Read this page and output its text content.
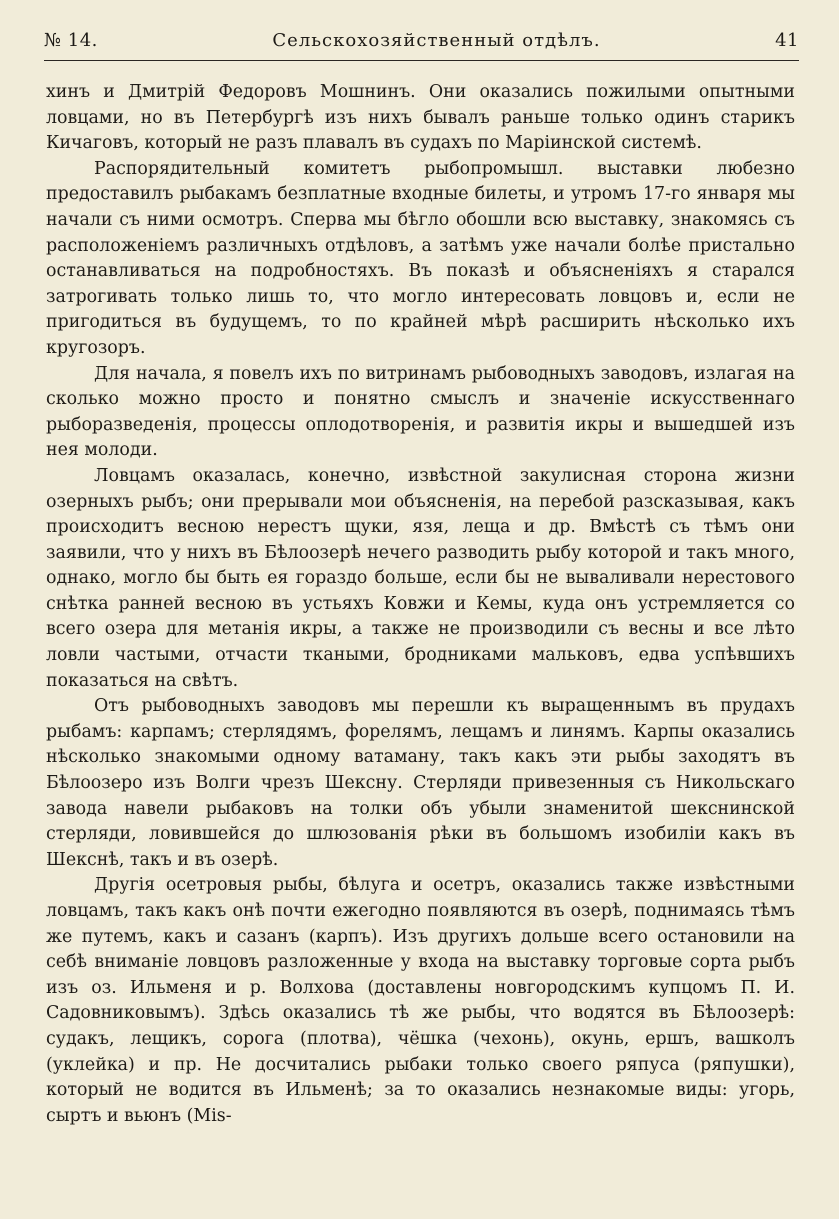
№ 14.	Сельскохозяйственный отдѣлъ.	41

хинъ и Дмитрій Федоровъ Мошнинъ. Они оказались пожилыми опытными ловцами, но въ Петербургѣ изъ нихъ бывалъ раньше только одинъ старикъ Кичаговъ, который не разъ плавалъ въ судахъ по Маріинской системѣ.

Распорядительный комитетъ рыбопромышл. выставки любезно предоставилъ рыбакамъ безплатные входные билеты, и утромъ 17-го января мы начали съ ними осмотръ. Сперва мы бѣгло обошли всю выставку, знакомясь съ расположеніемъ различныхъ отдѣловъ, а затѣмъ уже начали болѣе пристально останавливаться на подробностяхъ. Въ показѣ и объясненіяхъ я старался затрогивать только лишь то, что могло интересовать ловцовъ и, если не пригодиться въ будущемъ, то по крайней мѣрѣ расширить нѣсколько ихъ кругозоръ.

Для начала, я повелъ ихъ по витринамъ рыбоводныхъ заводовъ, излагая на сколько можно просто и понятно смыслъ и значеніе искусственнаго рыборазведенія, процессы оплодотворенія, и развитія икры и вышедшей изъ нея молоди.

Ловцамъ оказалась, конечно, извѣстной закулисная сторона жизни озерныхъ рыбъ; они прерывали мои объясненія, на перебой разсказывая, какъ происходитъ весною нерестъ щуки, язя, леща и др. Вмѣстѣ съ тѣмъ они заявили, что у нихъ въ Бѣлоозерѣ нечего разводить рыбу которой и такъ много, однако, могло бы быть ея гораздо больше, если бы не вываливали нерестового снѣтка ранней весною въ устьяхъ Ковжи и Кемы, куда онъ устремляется со всего озера для метанія икры, а также не производили съ весны и все лѣто ловли частыми, отчасти ткаными, бродниками мальковъ, едва успѣвшихъ показаться на свѣтъ.

Отъ рыбоводныхъ заводовъ мы перешли къ выращеннымъ въ прудахъ рыбамъ: карпамъ; стерлядямъ, форелямъ, лещамъ и линямъ. Карпы оказались нѣсколько знакомыми одному ватаману, такъ какъ эти рыбы заходятъ въ Бѣлоозеро изъ Волги чрезъ Шексну. Стерляди привезенныя съ Никольскаго завода навели рыбаковъ на толки объ убыли знаменитой шекснинской стерляди, ловившейся до шлюзованія рѣки въ большомъ изобиліи какъ въ Шекснѣ, такъ и въ озерѣ.

Другія осетровыя рыбы, бѣлуга и осетръ, оказались также извѣстными ловцамъ, такъ какъ онѣ почти ежегодно появляются въ озерѣ, поднимаясь тѣмъ же путемъ, какъ и сазанъ (карпъ). Изъ другихъ дольше всего остановили на себѣ вниманіе ловцовъ разложенные у входа на выставку торговые сорта рыбъ изъ оз. Ильменя и р. Волхова (доставлены новгородскимъ купцомъ П. И. Садовниковымъ). Здѣсь оказались тѣ же рыбы, что водятся въ Бѣлоозерѣ: судакъ, лещикъ, сорога (плотва), чёшка (чехонь), окунь, ершъ, вашколъ (уклейка) и пр. Не досчитались рыбаки только своего ряпуса (ряпушки), который не водится въ Ильменѣ; за то оказались незнакомые виды: угорь, сыртъ и вьюнъ (Mis-
